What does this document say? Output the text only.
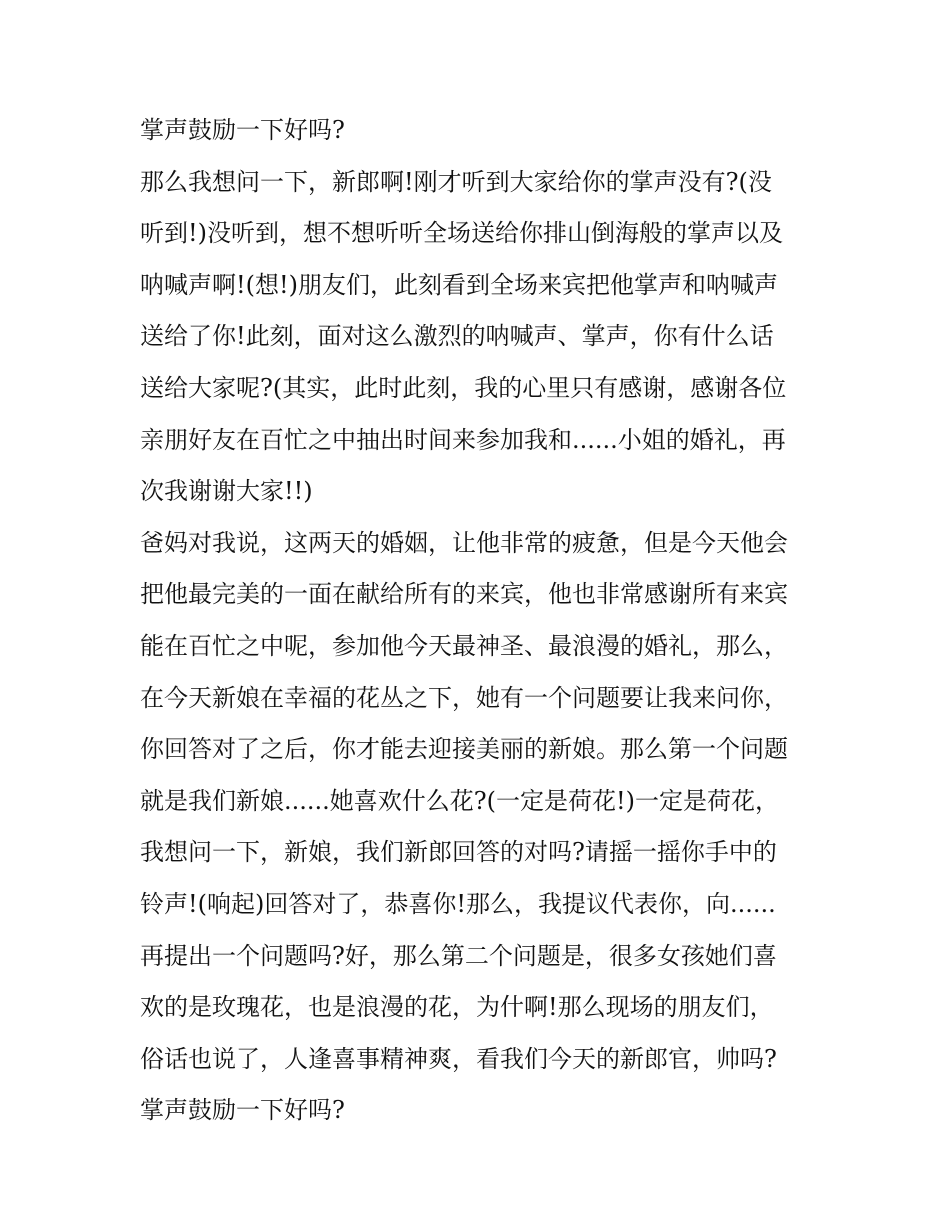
掌声鼓励一下好吗?
那么我想问一下，新郎啊!刚才听到大家给你的掌声没有?(没
听到!)没听到，想不想听听全场送给你排山倒海般的掌声以及
呐喊声啊!(想!)朋友们，此刻看到全场来宾把他掌声和呐喊声
送给了你!此刻，面对这么激烈的呐喊声、掌声，你有什么话
送给大家呢?(其实，此时此刻，我的心里只有感谢，感谢各位
亲朋好友在百忙之中抽出时间来参加我和......小姐的婚礼，再
次我谢谢大家!!)
爸妈对我说，这两天的婚姻，让他非常的疲惫，但是今天他会
把他最完美的一面在献给所有的来宾，他也非常感谢所有来宾
能在百忙之中呢，参加他今天最神圣、最浪漫的婚礼，那么，
在今天新娘在幸福的花丛之下，她有一个问题要让我来问你，
你回答对了之后，你才能去迎接美丽的新娘。那么第一个问题
就是我们新娘......她喜欢什么花?(一定是荷花!)一定是荷花，
我想问一下，新娘，我们新郎回答的对吗?请摇一摇你手中的
铃声!(响起)回答对了，恭喜你!那么，我提议代表你，向......
再提出一个问题吗?好，那么第二个问题是，很多女孩她们喜
欢的是玫瑰花，也是浪漫的花，为什啊!那么现场的朋友们，
俗话也说了，人逢喜事精神爽，看我们今天的新郎官，帅吗?
掌声鼓励一下好吗?
